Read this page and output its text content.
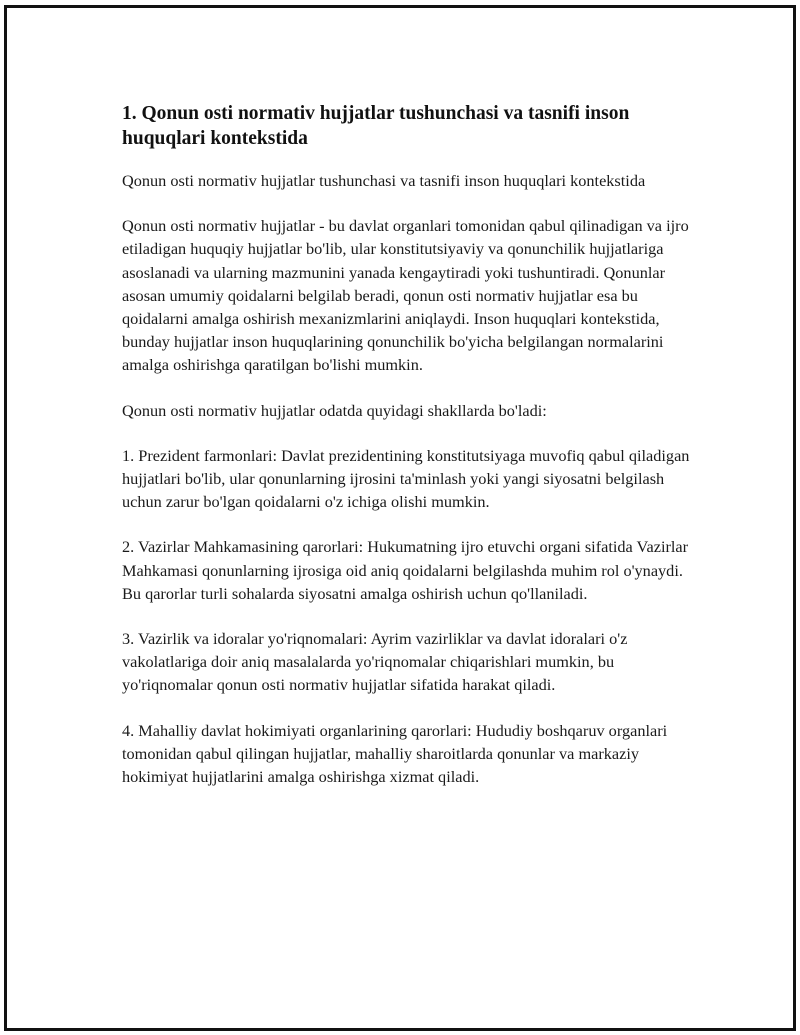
1. Qonun osti normativ hujjatlar tushunchasi va tasnifi inson huquqlari kontekstida

Qonun osti normativ hujjatlar tushunchasi va tasnifi inson huquqlari kontekstida

Qonun osti normativ hujjatlar - bu davlat organlari tomonidan qabul qilinadigan va ijro etiladigan huquqiy hujjatlar bo'lib, ular konstitutsiyaviy va qonunchilik hujjatlariga asoslanadi va ularning mazmunini yanada kengaytiradi yoki tushuntiradi. Qonunlar asosan umumiy qoidalarni belgilab beradi, qonun osti normativ hujjatlar esa bu qoidalarni amalga oshirish mexanizmlarini aniqlaydi. Inson huquqlari kontekstida, bunday hujjatlar inson huquqlarining qonunchilik bo'yicha belgilangan normalarini amalga oshirishga qaratilgan bo'lishi mumkin.

Qonun osti normativ hujjatlar odatda quyidagi shakllarda bo'ladi:

1. Prezident farmonlari: Davlat prezidentining konstitutsiyaga muvofiq qabul qiladigan hujjatlari bo'lib, ular qonunlarning ijrosini ta'minlash yoki yangi siyosatni belgilash uchun zarur bo'lgan qoidalarni o'z ichiga olishi mumkin.

2. Vazirlar Mahkamasining qarorlari: Hukumatning ijro etuvchi organi sifatida Vazirlar Mahkamasi qonunlarning ijrosiga oid aniq qoidalarni belgilashda muhim rol o'ynaydi. Bu qarorlar turli sohalarda siyosatni amalga oshirish uchun qo'llaniladi.

3. Vazirlik va idoralar yo'riqnomalari: Ayrim vazirliklar va davlat idoralari o'z vakolatlariga doir aniq masalalarda yo'riqnomalar chiqarishlari mumkin, bu yo'riqnomalar qonun osti normativ hujjatlar sifatida harakat qiladi.

4. Mahalliy davlat hokimiyati organlarining qarorlari: Hududiy boshqaruv organlari tomonidan qabul qilingan hujjatlar, mahalliy sharoitlarda qonunlar va markaziy hokimiyat hujjatlarini amalga oshirishga xizmat qiladi.
